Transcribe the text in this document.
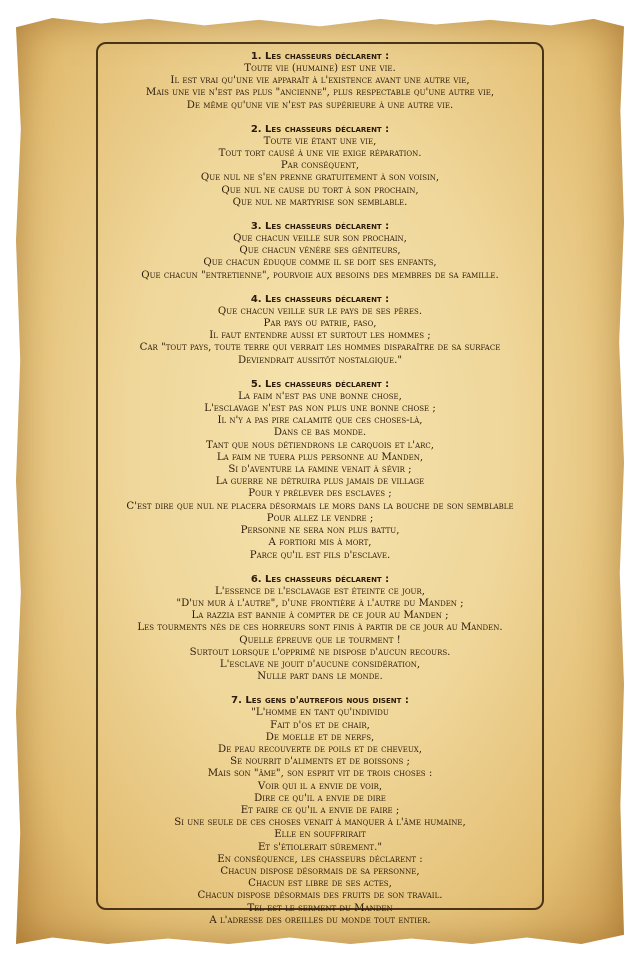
1. Les chasseurs déclarent :
Toute vie (humaine) est une vie.
Il est vrai qu'une vie apparaît à l'existence avant une autre vie,
Mais une vie n'est pas plus "ancienne", plus respectable qu'une autre vie,
De même qu'une vie n'est pas supérieure à une autre vie.
2. Les chasseurs déclarent :
Toute vie étant une vie,
Tout tort causé à une vie exige réparation.
Par conséquent,
Que nul ne s'en prenne gratuitement à son voisin,
Que nul ne cause du tort à son prochain,
Que nul ne martyrise son semblable.
3. Les chasseurs déclarent :
Que chacun veille sur son prochain,
Que chacun vénère ses géniteurs,
Que chacun éduque comme il se doit ses enfants,
Que chacun "entretienne", pourvoie aux besoins des membres de sa famille.
4. Les chasseurs déclarent :
Que chacun veille sur le pays de ses pères.
Par pays ou patrie, faso,
Il faut entendre aussi et surtout les hommes ;
Car "tout pays, toute terre qui verrait les hommes disparaître de sa surface
Deviendrait aussitôt nostalgique."
5. Les chasseurs déclarent :
La faim n'est pas une bonne chose,
L'esclavage n'est pas non plus une bonne chose ;
Il n'y a pas pire calamité que ces choses-là,
Dans ce bas monde.
Tant que nous détiendrons le carquois et l'arc,
La faim ne tuera plus personne au Manden,
Si d'aventure la famine venait à sévir ;
La guerre ne détruira plus jamais de village
Pour y prélever des esclaves ;
C'est dire que nul ne placera désormais le mors dans la bouche de son semblable
Pour allez le vendre ;
Personne ne sera non plus battu,
A fortiori mis à mort,
Parce qu'il est fils d'esclave.
6. Les chasseurs déclarent :
L'essence de l'esclavage est éteinte ce jour,
"D'un mur à l'autre", d'une frontière à l'autre du Manden ;
La razzia est bannie à compter de ce jour au Manden ;
Les tourments nés de ces horreurs sont finis à partir de ce jour au Manden.
Quelle épreuve que le tourment !
Surtout lorsque l'opprimé ne dispose d'aucun recours.
L'esclave ne jouit d'aucune considération,
Nulle part dans le monde.
7. Les gens d'autrefois nous disent :
"L'homme en tant qu'individu
Fait d'os et de chair,
De moelle et de nerfs,
De peau recouverte de poils et de cheveux,
Se nourrit d'aliments et de boissons ;
Mais son "âme", son esprit vit de trois choses :
Voir qui il a envie de voir,
Dire ce qu'il a envie de dire
Et faire ce qu'il a envie de faire ;
Si une seule de ces choses venait à manquer à l'âme humaine,
Elle en souffrirait
Et s'étiolerait sûrement."
En conséquence, les chasseurs déclarent :
Chacun dispose désormais de sa personne,
Chacun est libre de ses actes,
Chacun dispose désormais des fruits de son travail.
Tel est le serment du Manden
A l'adresse des oreilles du monde tout entier.
